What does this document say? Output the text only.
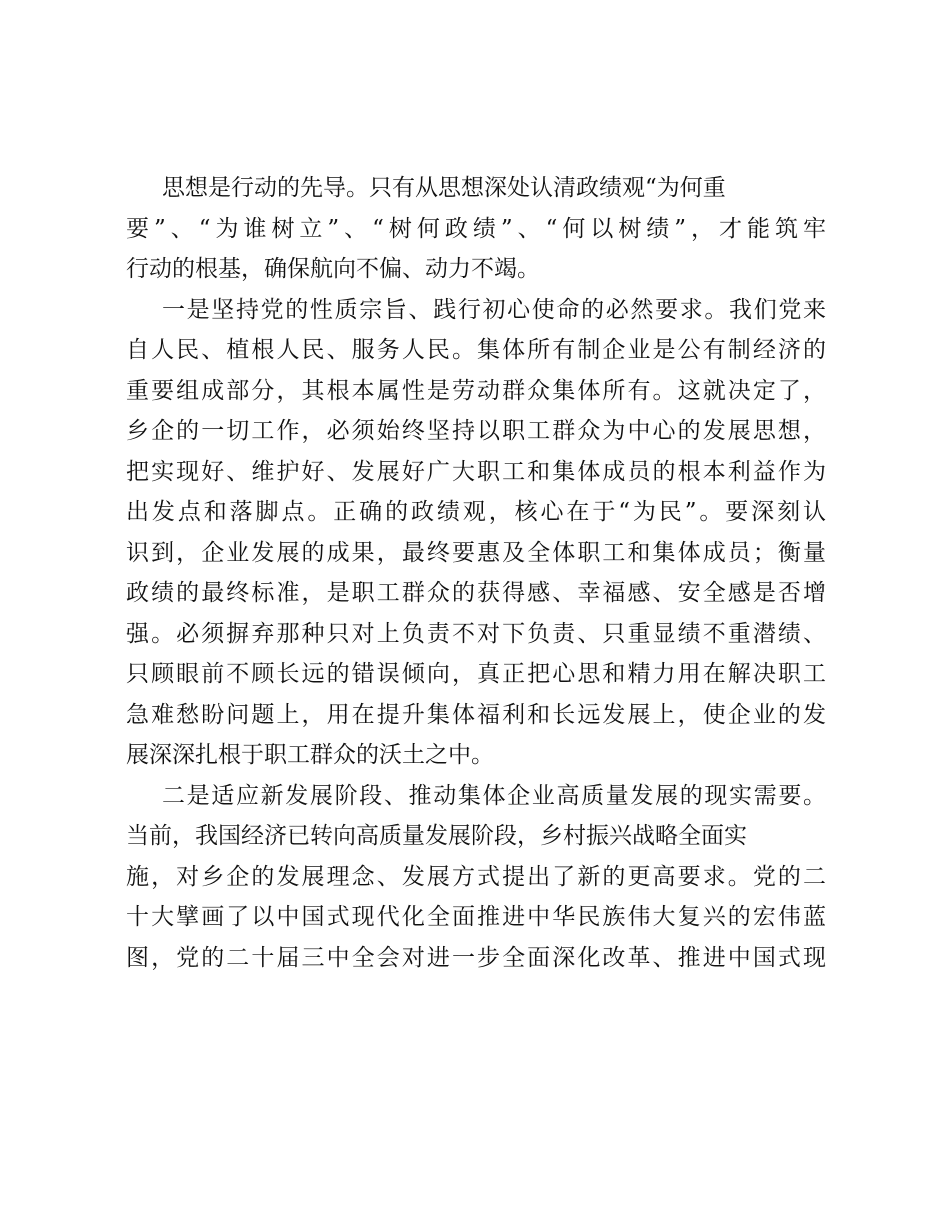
思想是行动的先导。只有从思想深处认清政绩观“为何重
要”、“为谁树立”、“树何政绩”、“何以树绩”，才能筑牢
行动的根基，确保航向不偏、动力不竭。
一是坚持党的性质宗旨、践行初心使命的必然要求。我们党来
自人民、植根人民、服务人民。集体所有制企业是公有制经济的
重要组成部分，其根本属性是劳动群众集体所有。这就决定了，
乡企的一切工作，必须始终坚持以职工群众为中心的发展思想，
把实现好、维护好、发展好广大职工和集体成员的根本利益作为
出发点和落脚点。正确的政绩观，核心在于“为民”。要深刻认
识到，企业发展的成果，最终要惠及全体职工和集体成员；衡量
政绩的最终标准，是职工群众的获得感、幸福感、安全感是否增
强。必须摒弃那种只对上负责不对下负责、只重显绩不重潜绩、
只顾眼前不顾长远的错误倾向，真正把心思和精力用在解决职工
急难愁盼问题上，用在提升集体福利和长远发展上，使企业的发
展深深扎根于职工群众的沃土之中。
二是适应新发展阶段、推动集体企业高质量发展的现实需要。
当前，我国经济已转向高质量发展阶段，乡村振兴战略全面实
施，对乡企的发展理念、发展方式提出了新的更高要求。党的二
十大擘画了以中国式现代化全面推进中华民族伟大复兴的宏伟蓝
图，党的二十届三中全会对进一步全面深化改革、推进中国式现
